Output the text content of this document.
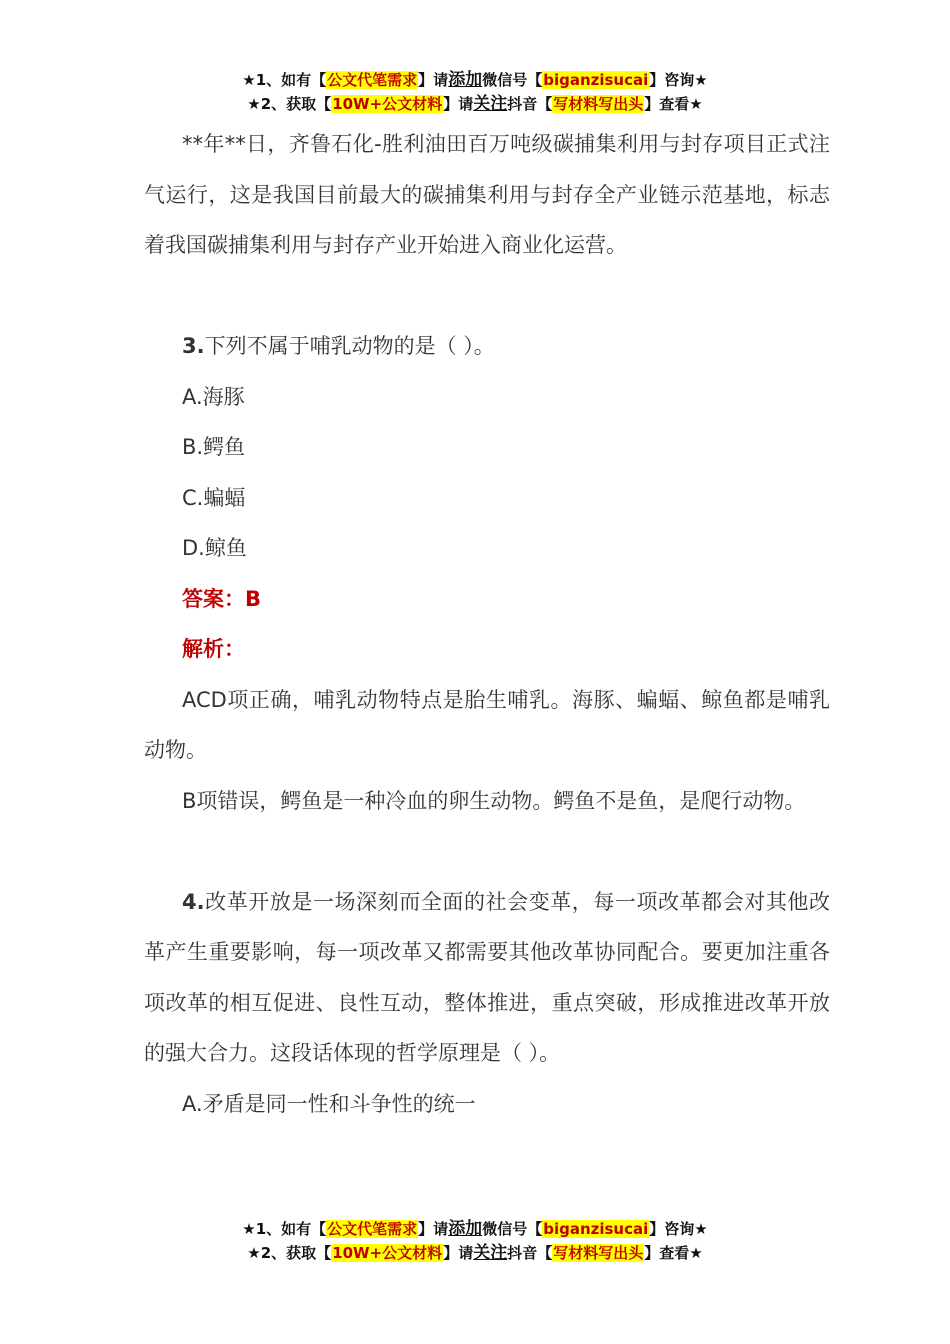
★1、如有【公文代笔需求】请添加微信号【biganzisucai】咨询★
★2、获取【10W+公文材料】请关注抖音【写材料写出头】查看★

**年**日，齐鲁石化-胜利油田百万吨级碳捕集利用与封存项目正式注气运行，这是我国目前最大的碳捕集利用与封存全产业链示范基地，标志着我国碳捕集利用与封存产业开始进入商业化运营。

3.下列不属于哺乳动物的是（ ）。

A.海豚

B.鳄鱼

C.蝙蝠

D.鲸鱼

答案：B

解析：

ACD项正确，哺乳动物特点是胎生哺乳。海豚、蝙蝠、鲸鱼都是哺乳动物。

B项错误，鳄鱼是一种冷血的卵生动物。鳄鱼不是鱼，是爬行动物。

4.改革开放是一场深刻而全面的社会变革，每一项改革都会对其他改革产生重要影响，每一项改革又都需要其他改革协同配合。要更加注重各项改革的相互促进、良性互动，整体推进，重点突破，形成推进改革开放的强大合力。这段话体现的哲学原理是（ ）。

A.矛盾是同一性和斗争性的统一

★1、如有【公文代笔需求】请添加微信号【biganzisucai】咨询★
★2、获取【10W+公文材料】请关注抖音【写材料写出头】查看★
